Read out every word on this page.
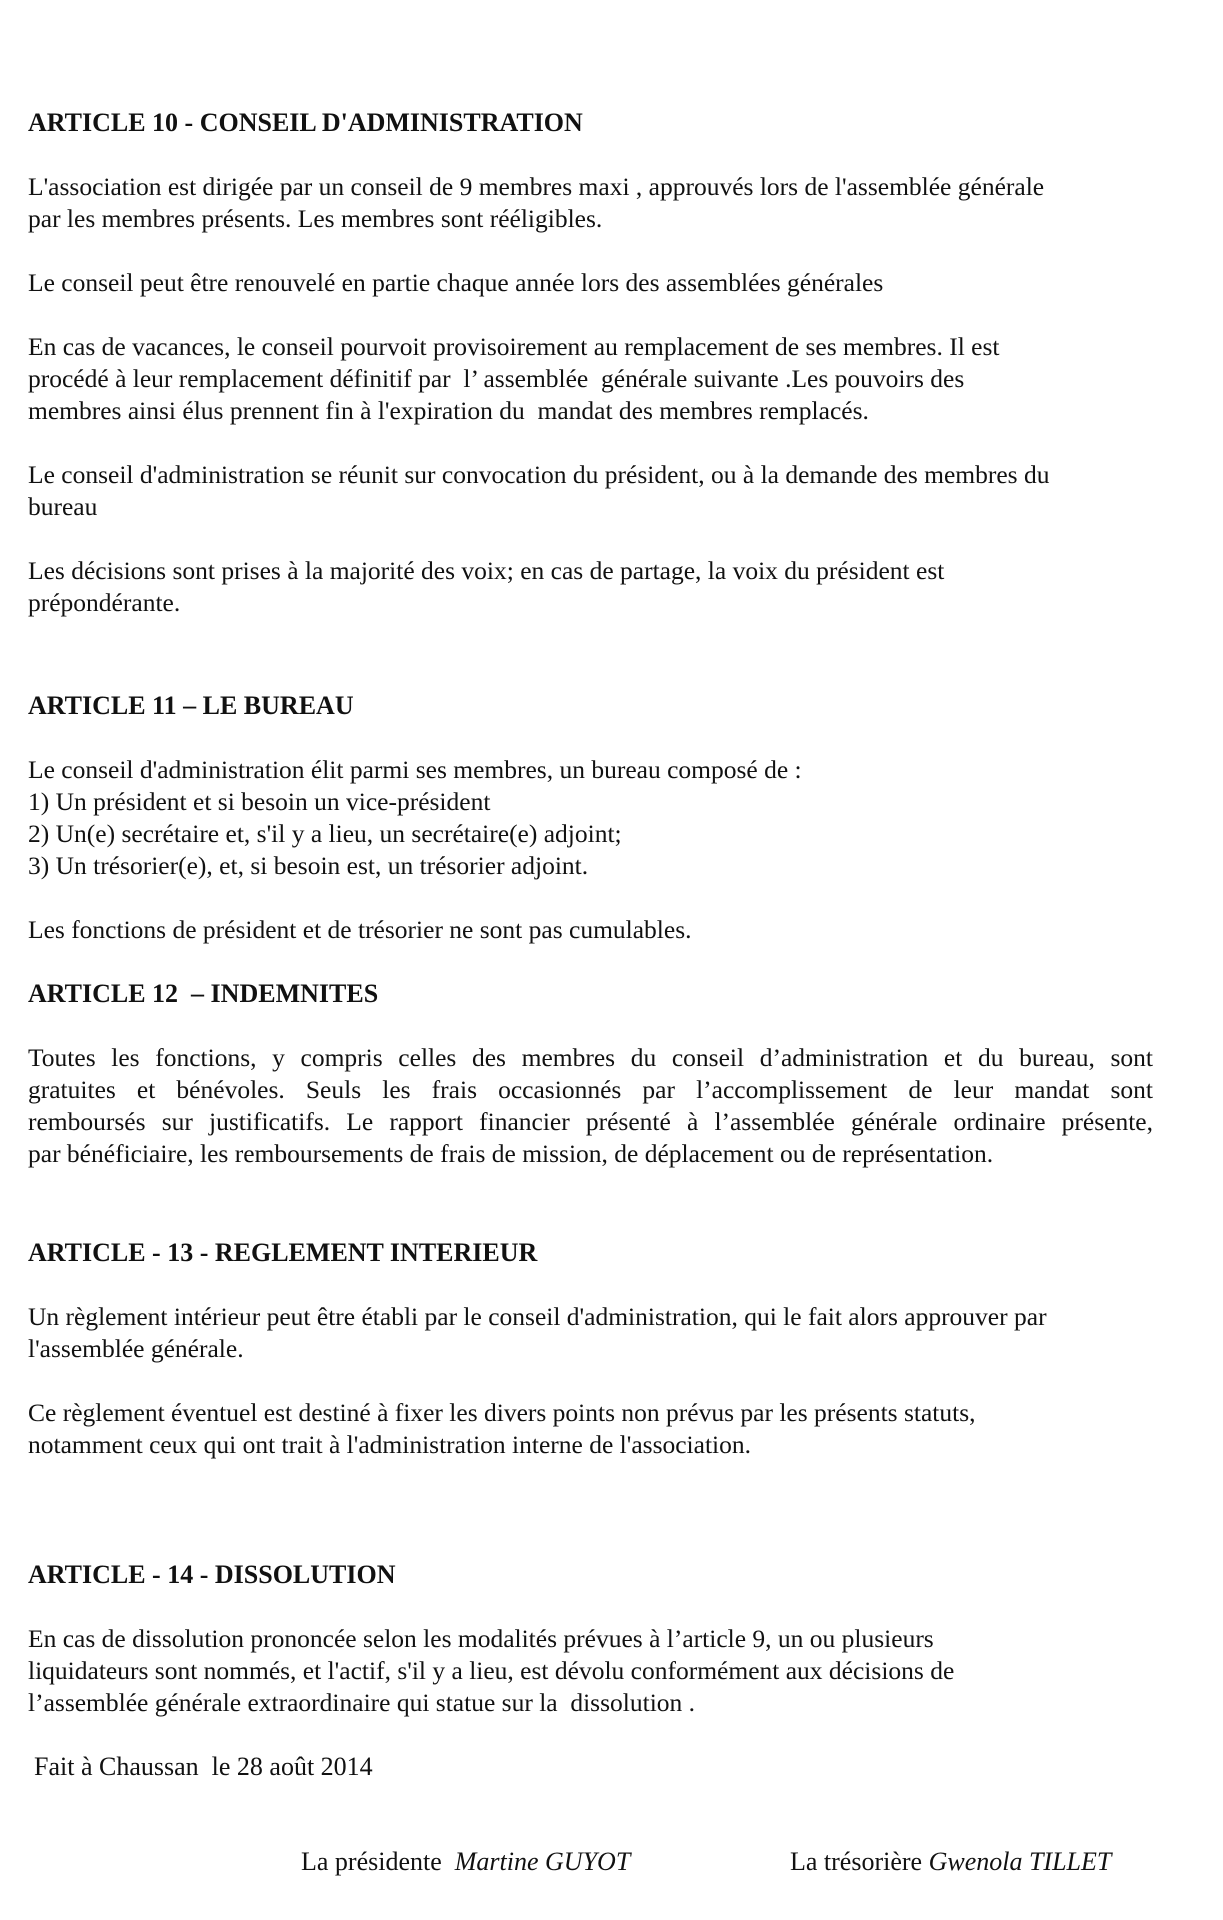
ARTICLE 10 - CONSEIL D'ADMINISTRATION
L'association est dirigée par un conseil de 9 membres maxi , approuvés lors de l'assemblée générale
par les membres présents. Les membres sont rééligibles.
Le conseil peut être renouvelé en partie chaque année lors des assemblées générales
En cas de vacances, le conseil pourvoit provisoirement au remplacement de ses membres. Il est
procédé à leur remplacement définitif par  l’ assemblée  générale suivante .Les pouvoirs des
membres ainsi élus prennent fin à l'expiration du  mandat des membres remplacés.
Le conseil d'administration se réunit sur convocation du président, ou à la demande des membres du
bureau
Les décisions sont prises à la majorité des voix; en cas de partage, la voix du président est
prépondérante.
ARTICLE 11 – LE BUREAU
Le conseil d'administration élit parmi ses membres, un bureau composé de :
1) Un président et si besoin un vice-président
2) Un(e) secrétaire et, s'il y a lieu, un secrétaire(e) adjoint;
3) Un trésorier(e), et, si besoin est, un trésorier adjoint.
Les fonctions de président et de trésorier ne sont pas cumulables.
ARTICLE 12  – INDEMNITES
Toutes les fonctions, y compris celles des membres du conseil d’administration et du bureau, sont
gratuites et bénévoles. Seuls les frais occasionnés par l’accomplissement de leur mandat sont
remboursés sur justificatifs. Le rapport financier présenté à l’assemblée générale ordinaire présente,
par bénéficiaire, les remboursements de frais de mission, de déplacement ou de représentation.
ARTICLE - 13 - REGLEMENT INTERIEUR
Un règlement intérieur peut être établi par le conseil d'administration, qui le fait alors approuver par
l'assemblée générale.
Ce règlement éventuel est destiné à fixer les divers points non prévus par les présents statuts,
notamment ceux qui ont trait à l'administration interne de l'association.
ARTICLE - 14 - DISSOLUTION
En cas de dissolution prononcée selon les modalités prévues à l’article 9, un ou plusieurs
liquidateurs sont nommés, et l'actif, s'il y a lieu, est dévolu conformément aux décisions de
l’assemblée générale extraordinaire qui statue sur la  dissolution .
Fait à Chaussan  le 28 août 2014

La présidente Martine GUYOT
	La trésorière Gwenola TILLET
